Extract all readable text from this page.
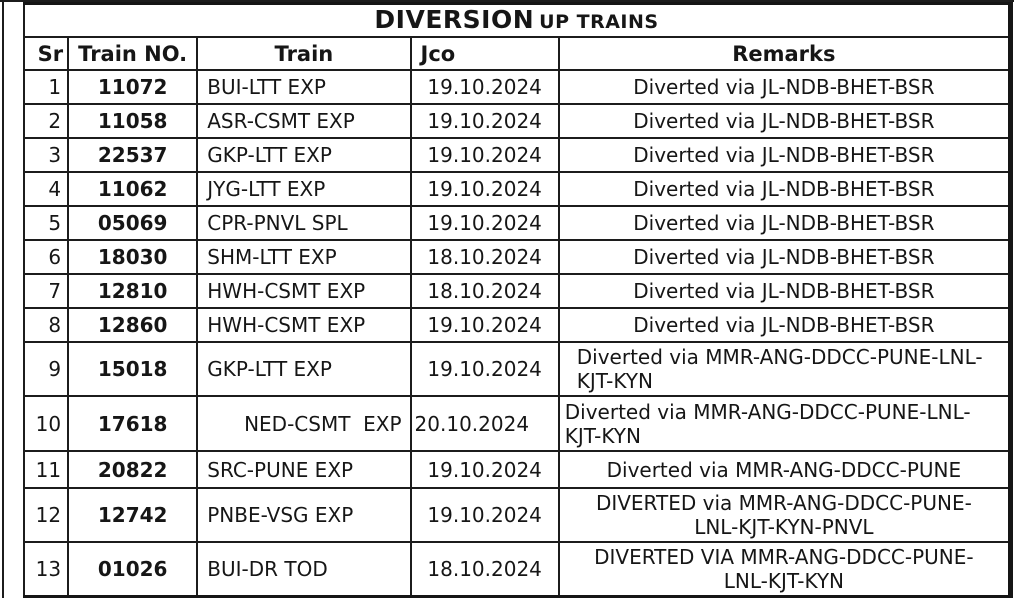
DIVERSION UP TRAINS				
Sr	Train NO.	Train	Jco	Remarks
1	11072	BUI-LTT EXP	19.10.2024	Diverted via JL-NDB-BHET-BSR

2	11058	ASR-CSMT EXP	19.10.2024	Diverted via JL-NDB-BHET-BSR

3	22537	GKP-LTT EXP	19.10.2024	Diverted via JL-NDB-BHET-BSR

4	11062	JYG-LTT EXP	19.10.2024	Diverted via JL-NDB-BHET-BSR

5	05069	CPR-PNVL SPL	19.10.2024	Diverted via JL-NDB-BHET-BSR

6	18030	SHM-LTT EXP	18.10.2024	Diverted via JL-NDB-BHET-BSR

7	12810	HWH-CSMT EXP	18.10.2024	Diverted via JL-NDB-BHET-BSR

8	12860	HWH-CSMT EXP	19.10.2024	Diverted via JL-NDB-BHET-BSR

9	15018	GKP-LTT EXP	19.10.2024	Diverted via MMR-ANG-DDCC-PUNE-LNL-
KJT-KYN

10	17618	NED-CSMT  EXP	20.10.2024	Diverted via MMR-ANG-DDCC-PUNE-LNL-
KJT-KYN

11	20822	SRC-PUNE EXP	19.10.2024	Diverted via MMR-ANG-DDCC-PUNE

12	12742	PNBE-VSG EXP	19.10.2024	DIVERTED via MMR-ANG-DDCC-PUNE-
LNL-KJT-KYN-PNVL

13	01026	BUI-DR TOD	18.10.2024	DIVERTED VIA MMR-ANG-DDCC-PUNE-
LNL-KJT-KYN
